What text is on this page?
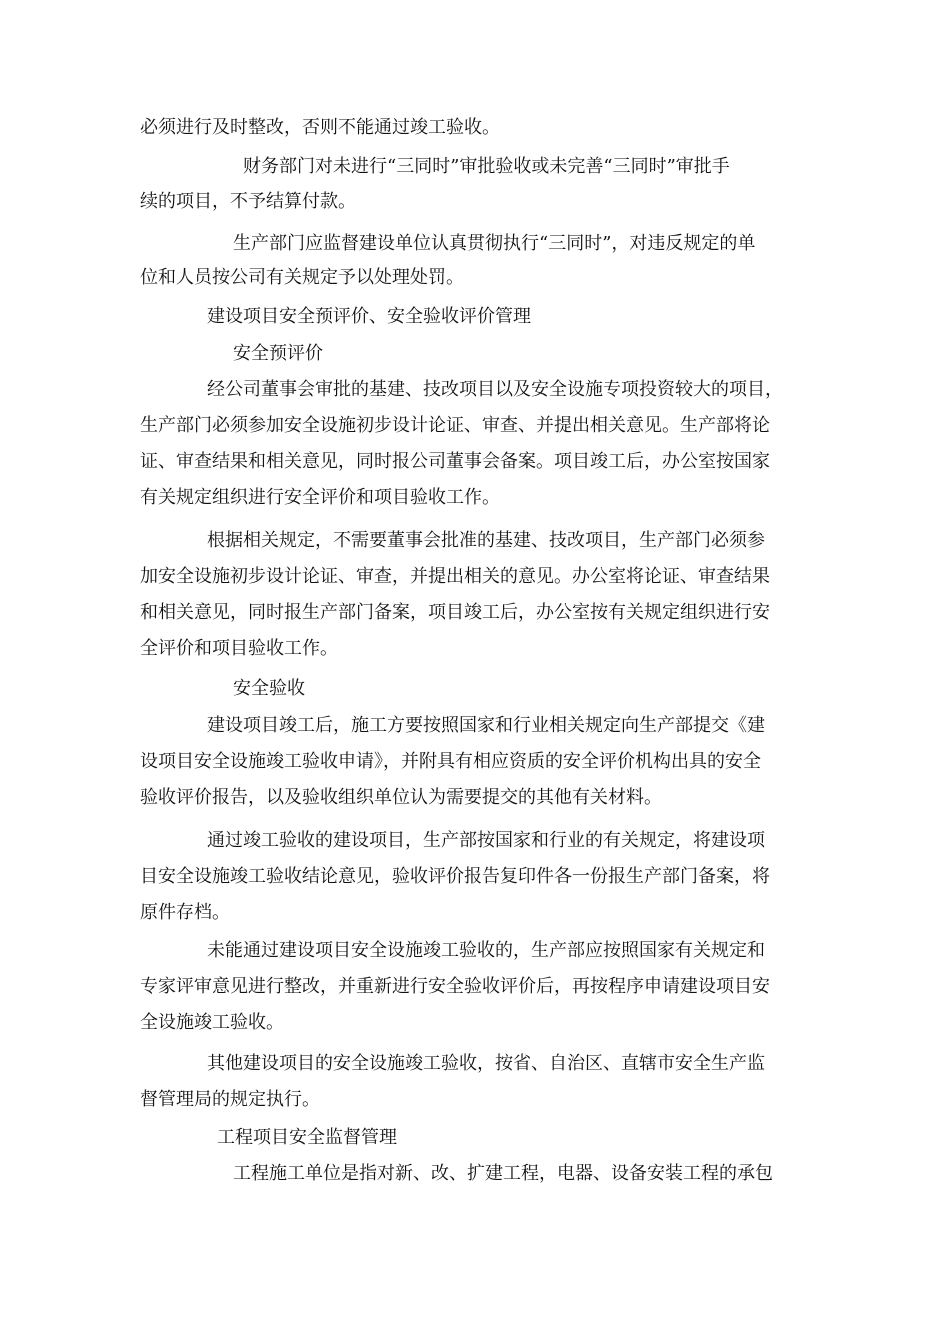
必须进行及时整改，否则不能通过竣工验收。
财务部门对未进行“三同时”审批验收或未完善“三同时”审批手
续的项目，不予结算付款。
生产部门应监督建设单位认真贯彻执行“三同时”，对违反规定的单
位和人员按公司有关规定予以处理处罚。
建设项目安全预评价、安全验收评价管理
安全预评价
经公司董事会审批的基建、技改项目以及安全设施专项投资较大的项目，
生产部门必须参加安全设施初步设计论证、审查、并提出相关意见。生产部将论
证、审查结果和相关意见，同时报公司董事会备案。项目竣工后，办公室按国家
有关规定组织进行安全评价和项目验收工作。
根据相关规定，不需要董事会批准的基建、技改项目，生产部门必须参
加安全设施初步设计论证、审查，并提出相关的意见。办公室将论证、审查结果
和相关意见，同时报生产部门备案，项目竣工后，办公室按有关规定组织进行安
全评价和项目验收工作。
安全验收
建设项目竣工后，施工方要按照国家和行业相关规定向生产部提交《建
设项目安全设施竣工验收申请》，并附具有相应资质的安全评价机构出具的安全
验收评价报告，以及验收组织单位认为需要提交的其他有关材料。
通过竣工验收的建设项目，生产部按国家和行业的有关规定，将建设项
目安全设施竣工验收结论意见，验收评价报告复印件各一份报生产部门备案，将
原件存档。
未能通过建设项目安全设施竣工验收的，生产部应按照国家有关规定和
专家评审意见进行整改，并重新进行安全验收评价后，再按程序申请建设项目安
全设施竣工验收。
其他建设项目的安全设施竣工验收，按省、自治区、直辖市安全生产监
督管理局的规定执行。
工程项目安全监督管理
工程施工单位是指对新、改、扩建工程，电器、设备安装工程的承包
